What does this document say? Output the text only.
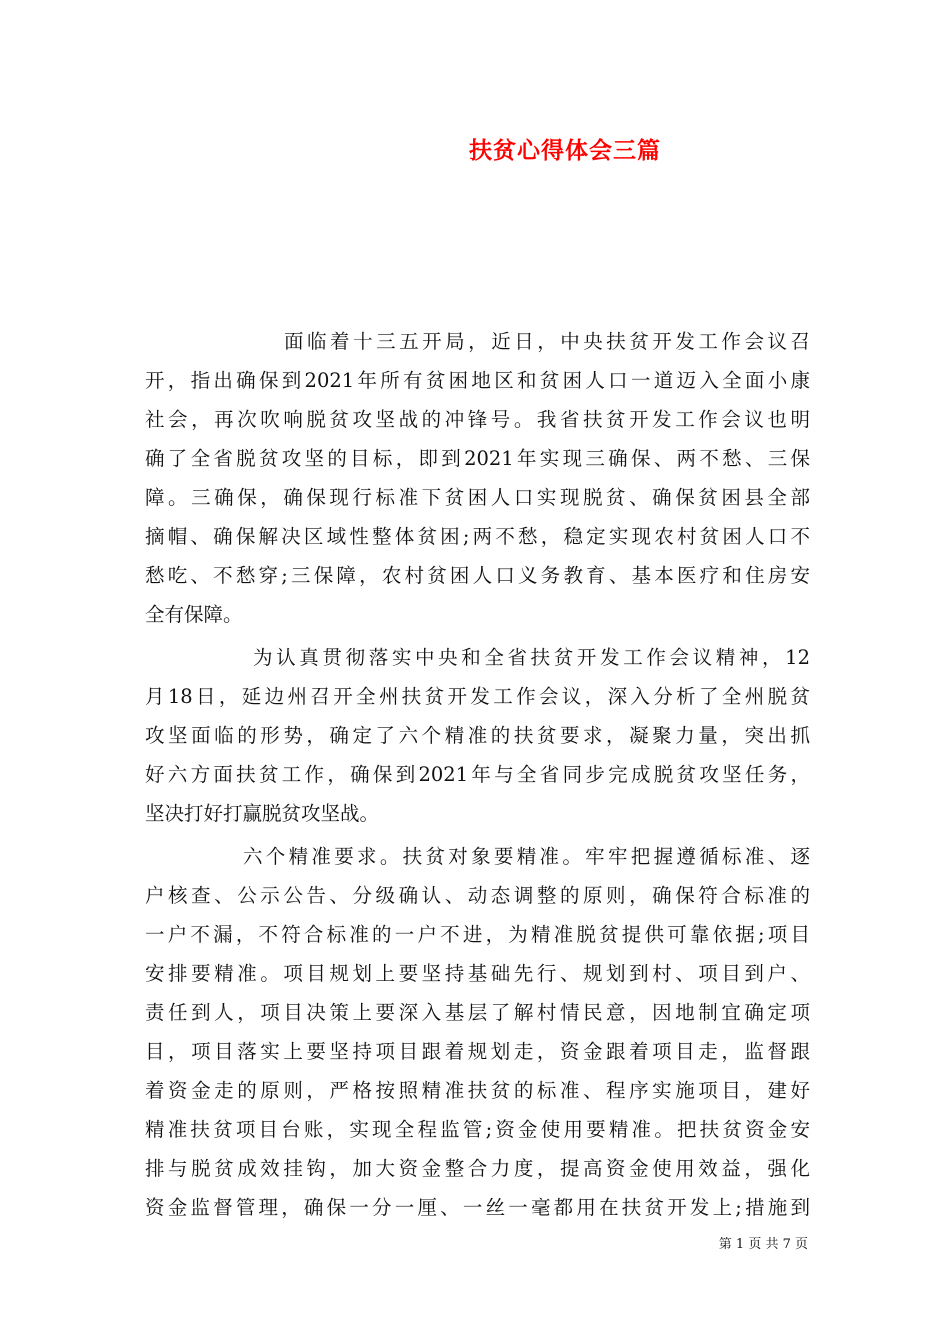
扶贫心得体会三篇
面临着十三五开局，近日，中央扶贫开发工作会议召
开，指出确保到2021年所有贫困地区和贫困人口一道迈入全面小康
社会，再次吹响脱贫攻坚战的冲锋号。我省扶贫开发工作会议也明
确了全省脱贫攻坚的目标，即到2021年实现三确保、两不愁、三保
障。三确保，确保现行标准下贫困人口实现脱贫、确保贫困县全部
摘帽、确保解决区域性整体贫困;两不愁，稳定实现农村贫困人口不
愁吃、不愁穿;三保障，农村贫困人口义务教育、基本医疗和住房安
全有保障。
为认真贯彻落实中央和全省扶贫开发工作会议精神，12
月18日，延边州召开全州扶贫开发工作会议，深入分析了全州脱贫
攻坚面临的形势，确定了六个精准的扶贫要求，凝聚力量，突出抓
好六方面扶贫工作，确保到2021年与全省同步完成脱贫攻坚任务，
坚决打好打赢脱贫攻坚战。
六个精准要求。扶贫对象要精准。牢牢把握遵循标准、逐
户核查、公示公告、分级确认、动态调整的原则，确保符合标准的
一户不漏，不符合标准的一户不进，为精准脱贫提供可靠依据;项目
安排要精准。项目规划上要坚持基础先行、规划到村、项目到户、
责任到人，项目决策上要深入基层了解村情民意，因地制宜确定项
目，项目落实上要坚持项目跟着规划走，资金跟着项目走，监督跟
着资金走的原则，严格按照精准扶贫的标准、程序实施项目，建好
精准扶贫项目台账，实现全程监管;资金使用要精准。把扶贫资金安
排与脱贫成效挂钩，加大资金整合力度，提高资金使用效益，强化
资金监督管理，确保一分一厘、一丝一毫都用在扶贫开发上;措施到
第 1 页 共 7 页
